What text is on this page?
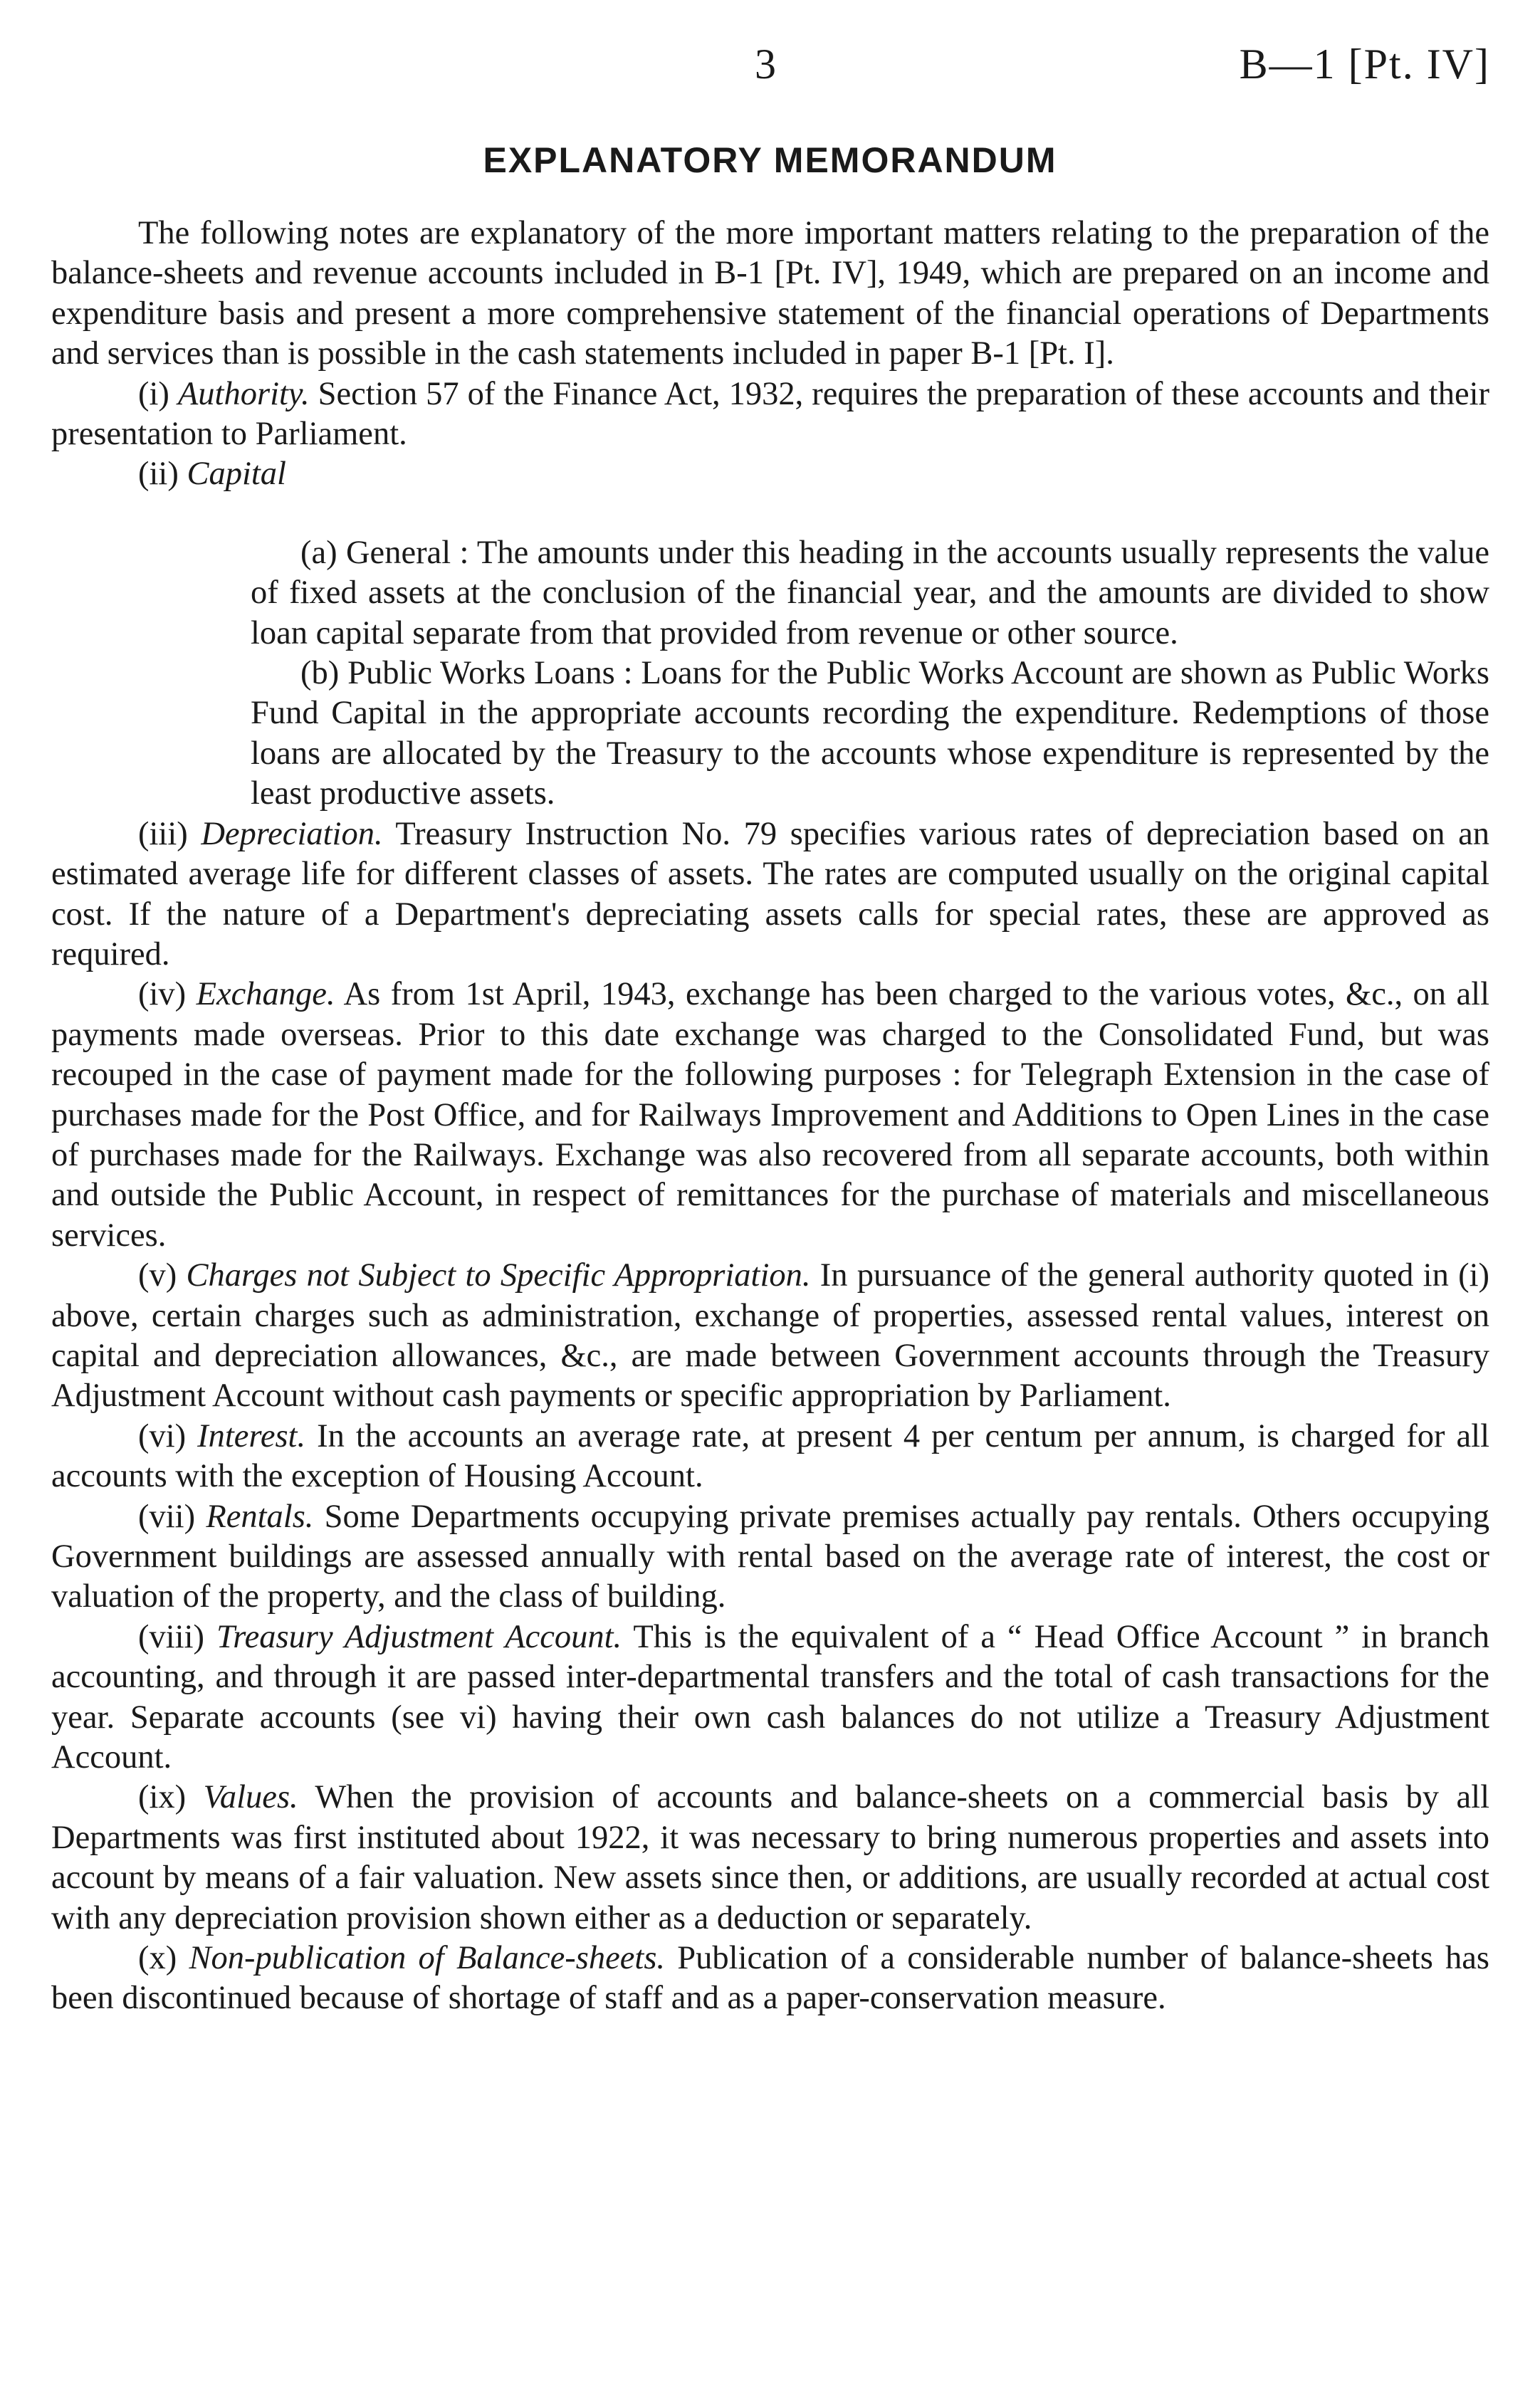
3	B—1 [Pt. IV]
EXPLANATORY MEMORANDUM

The following notes are explanatory of the more important matters relating to the preparation of the balance-sheets and revenue accounts included in B-1 [Pt. IV], 1949, which are prepared on an income and expenditure basis and present a more comprehensive statement of the financial operations of Departments and services than is possible in the cash statements included in paper B-1 [Pt. I].

(i) Authority. Section 57 of the Finance Act, 1932, requires the preparation of these accounts and their presentation to Parliament.

(ii) Capital

(a) General : The amounts under this heading in the accounts usually represents the value of fixed assets at the conclusion of the financial year, and the amounts are divided to show loan capital separate from that provided from revenue or other source.

(b) Public Works Loans : Loans for the Public Works Account are shown as Public Works Fund Capital in the appropriate accounts recording the expenditure. Redemptions of those loans are allocated by the Treasury to the accounts whose expenditure is represented by the least productive assets.

(iii) Depreciation. Treasury Instruction No. 79 specifies various rates of depreciation based on an estimated average life for different classes of assets. The rates are computed usually on the original capital cost. If the nature of a Department's depreciating assets calls for special rates, these are approved as required.

(iv) Exchange. As from 1st April, 1943, exchange has been charged to the various votes, &c., on all payments made overseas. Prior to this date exchange was charged to the Consolidated Fund, but was recouped in the case of payment made for the following purposes : for Telegraph Extension in the case of purchases made for the Post Office, and for Railways Improvement and Additions to Open Lines in the case of purchases made for the Railways. Exchange was also recovered from all separate accounts, both within and outside the Public Account, in respect of remittances for the purchase of materials and miscellaneous services.

(v) Charges not Subject to Specific Appropriation. In pursuance of the general authority quoted in (i) above, certain charges such as administration, exchange of properties, assessed rental values, interest on capital and depreciation allowances, &c., are made between Government accounts through the Treasury Adjustment Account without cash payments or specific appropriation by Parliament.

(vi) Interest. In the accounts an average rate, at present 4 per centum per annum, is charged for all accounts with the exception of Housing Account.

(vii) Rentals. Some Departments occupying private premises actually pay rentals. Others occupying Government buildings are assessed annually with rental based on the average rate of interest, the cost or valuation of the property, and the class of building.

(viii) Treasury Adjustment Account. This is the equivalent of a “ Head Office Account ” in branch accounting, and through it are passed inter-departmental transfers and the total of cash transactions for the year. Separate accounts (see vi) having their own cash balances do not utilize a Treasury Adjustment Account.

(ix) Values. When the provision of accounts and balance-sheets on a commercial basis by all Departments was first instituted about 1922, it was necessary to bring numerous properties and assets into account by means of a fair valuation. New assets since then, or additions, are usually recorded at actual cost with any depreciation provision shown either as a deduction or separately.

(x) Non-publication of Balance-sheets. Publication of a considerable number of balance-sheets has been discontinued because of shortage of staff and as a paper-conservation measure.
